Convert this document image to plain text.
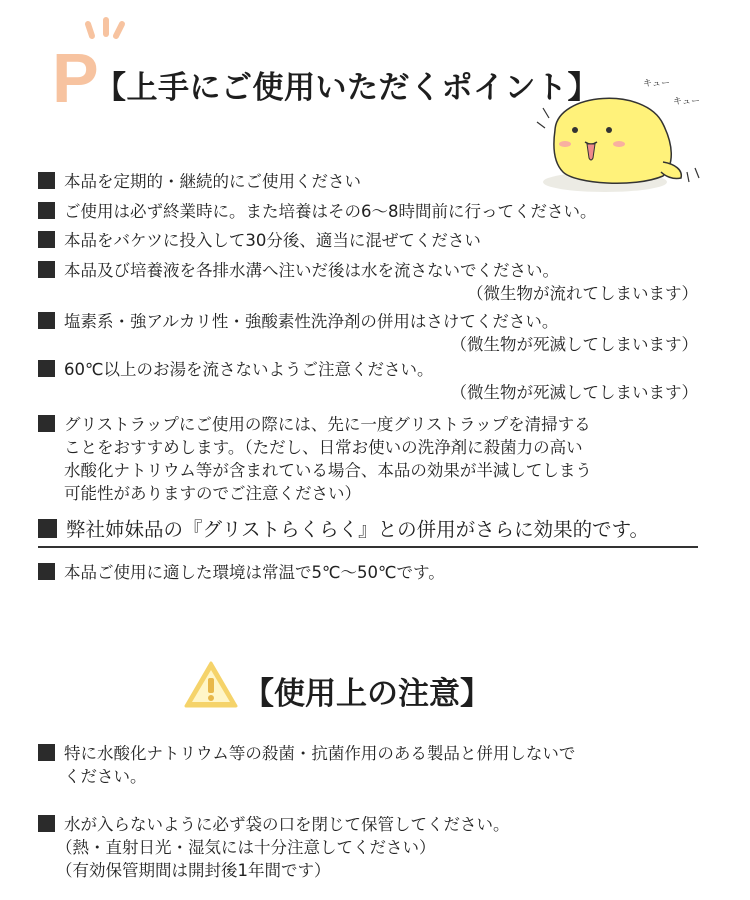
P
【上手にご使用いただくポイント】	キュー
キュー
本品を定期的・継続的にご使用ください
ご使用は必ず終業時に。また培養はその6～8時間前に行ってください。
本品をバケツに投入して30分後、適当に混ぜてください
本品及び培養液を各排水溝へ注いだ後は水を流さないでください。
（微生物が流れてしまいます）
塩素系・強アルカリ性・強酸素性洗浄剤の併用はさけてください。
（微生物が死滅してしまいます）
60℃以上のお湯を流さないようご注意ください。
（微生物が死滅してしまいます）
グリストラップにご使用の際には、先に一度グリストラップを清掃する
ことをおすすめします。（ただし、日常お使いの洗浄剤に殺菌力の高い
水酸化ナトリウム等が含まれている場合、本品の効果が半減してしまう
可能性がありますのでご注意ください）
弊社姉妹品の『グリストらくらく』との併用がさらに効果的です。
本品ご使用に適した環境は常温で5℃～50℃です。
【使用上の注意】
特に水酸化ナトリウム等の殺菌・抗菌作用のある製品と併用しないで
ください。
水が入らないように必ず袋の口を閉じて保管してください。
（熱・直射日光・湿気には十分注意してください）
（有効保管期間は開封後1年間です）
